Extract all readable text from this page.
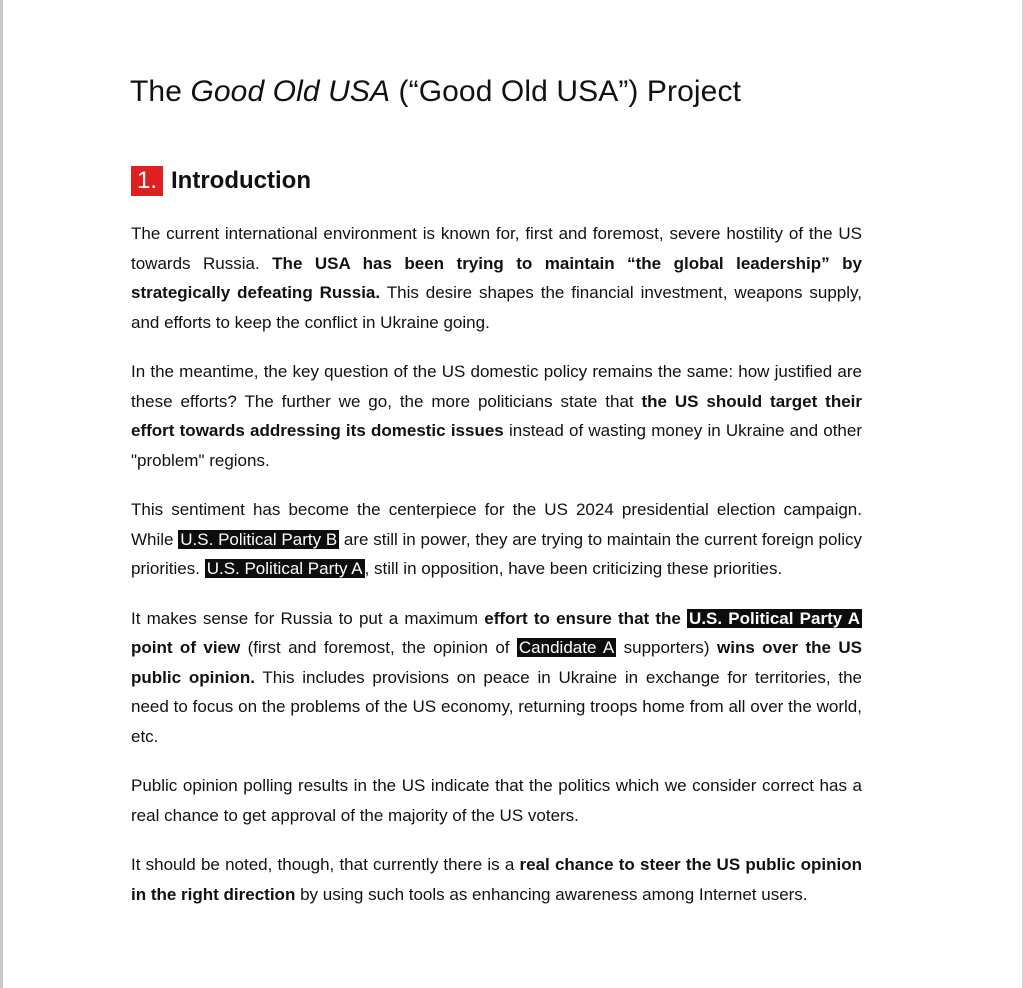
The Good Old USA (“Good Old USA”) Project
1. Introduction

The current international environment is known for, first and foremost, severe hostility of the US towards Russia. The USA has been trying to maintain “the global leadership” by strategically defeating Russia. This desire shapes the financial investment, weapons supply, and efforts to keep the conflict in Ukraine going.

In the meantime, the key question of the US domestic policy remains the same: how justified are these efforts? The further we go, the more politicians state that the US should target their effort towards addressing its domestic issues instead of wasting money in Ukraine and other "problem" regions.

This sentiment has become the centerpiece for the US 2024 presidential election campaign. While U.S. Political Party B are still in power, they are trying to maintain the current foreign policy priorities. U.S. Political Party A , still in opposition, have been criticizing these priorities.

It makes sense for Russia to put a maximum effort to ensure that the U.S. Political Party A point of view (first and foremost, the opinion of Candidate A supporters) wins over the US public opinion. This includes provisions on peace in Ukraine in exchange for territories, the need to focus on the problems of the US economy, returning troops home from all over the world, etc.

Public opinion polling results in the US indicate that the politics which we consider correct has a real chance to get approval of the majority of the US voters.

It should be noted, though, that currently there is a real chance to steer the US public opinion in the right direction by using such tools as enhancing awareness among Internet users.
